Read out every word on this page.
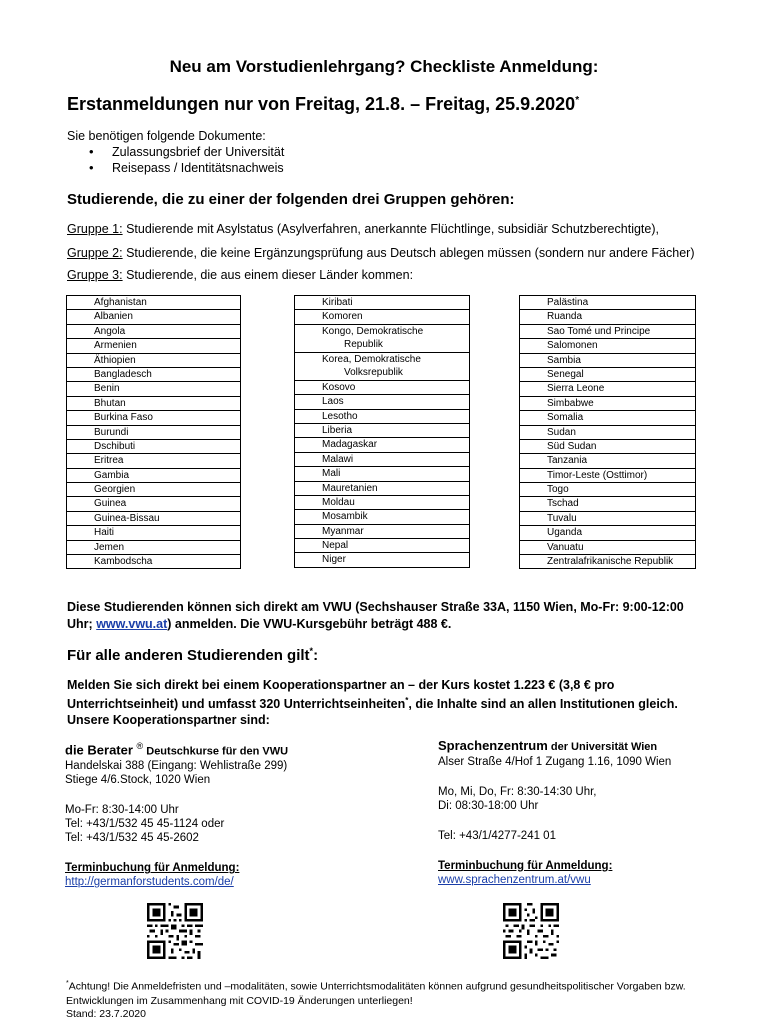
Neu am Vorstudienlehrgang? Checkliste Anmeldung:
Erstanmeldungen nur von Freitag, 21.8. – Freitag, 25.9.2020*
Sie benötigen folgende Dokumente:
• Zulassungsbrief der Universität
• Reisepass / Identitätsnachweis
Studierende, die zu einer der folgenden drei Gruppen gehören:
Gruppe 1: Studierende mit Asylstatus (Asylverfahren, anerkannte Flüchtlinge, subsidiär Schutzberechtigte),
Gruppe 2: Studierende, die keine Ergänzungsprüfung aus Deutsch ablegen müssen (sondern nur andere Fächer)
Gruppe 3: Studierende, die aus einem dieser Länder kommen:
Afghanistan
Albanien
Angola
Armenien
Äthiopien
Bangladesch
Benin
Bhutan
Burkina Faso
Burundi
Dschibuti
Eritrea
Gambia
Georgien
Guinea
Guinea-Bissau
Haiti
Jemen
Kambodscha
Kiribati
Komoren
Kongo, Demokratische
Republik

Korea, Demokratische
Volksrepublik

Kosovo
Laos
Lesotho
Liberia
Madagaskar
Malawi
Mali
Mauretanien
Moldau
Mosambik
Myanmar
Nepal
Niger
Palästina
Ruanda
Sao Tomé und Principe
Salomonen
Sambia
Senegal
Sierra Leone
Simbabwe
Somalia
Sudan
Süd Sudan
Tanzania
Timor-Leste (Osttimor)
Togo
Tschad
Tuvalu
Uganda
Vanuatu
Zentralafrikanische Republik
Diese Studierenden können sich direkt am VWU (Sechshauser Straße 33A, 1150 Wien, Mo-Fr: 9:00-12:00 Uhr; www.vwu.at) anmelden. Die VWU-Kursgebühr beträgt 488 €.
Für alle anderen Studierenden gilt*:
Melden Sie sich direkt bei einem Kooperationspartner an – der Kurs kostet 1.223 € (3,8 € pro Unterrichtseinheit) und umfasst 320 Unterrichtseinheiten*, die Inhalte sind an allen Institutionen gleich. Unsere Kooperationspartner sind:
die Berater ® Deutschkurse für den VWU
Handelskai 388 (Eingang: Wehlistraße 299)
Stiege 4/6.Stock, 1020 Wien
Mo-Fr: 8:30-14:00 Uhr
Tel: +43/1/532 45 45-1124 oder
Tel: +43/1/532 45 45-2602
Terminbuchung für Anmeldung:
http://germanforstudents.com/de/
Sprachenzentrum der Universität Wien
Alser Straße 4/Hof 1 Zugang 1.16, 1090 Wien
Mo, Mi, Do, Fr: 8:30-14:30 Uhr,
Di: 08:30-18:00 Uhr
Tel: +43/1/4277-241 01
Terminbuchung für Anmeldung:
www.sprachenzentrum.at/vwu
*Achtung! Die Anmeldefristen und –modalitäten, sowie Unterrichtsmodalitäten können aufgrund gesundheitspolitischer Vorgaben bzw. Entwicklungen im Zusammenhang mit COVID-19 Änderungen unterliegen!
Stand: 23.7.2020
